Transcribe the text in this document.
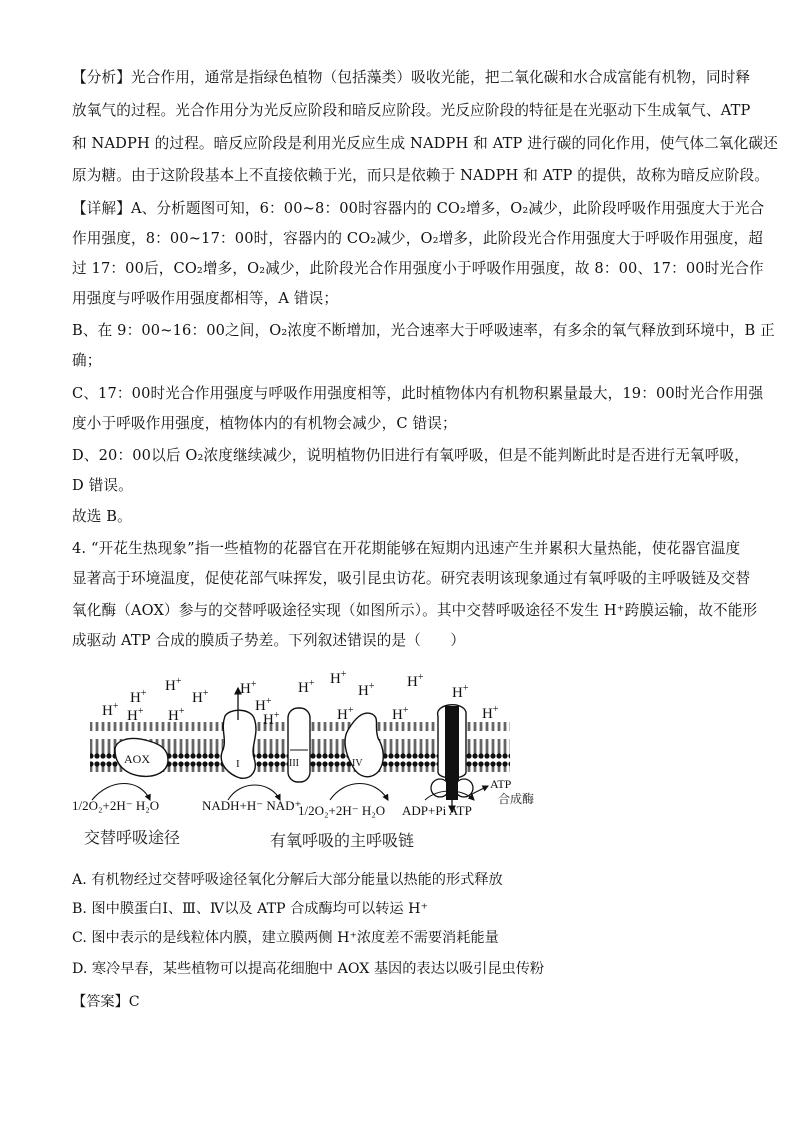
【分析】光合作用，通常是指绿色植物（包括藻类）吸收光能，把二氧化碳和水合成富能有机物，同时释
放氧气的过程。光合作用分为光反应阶段和暗反应阶段。光反应阶段的特征是在光驱动下生成氧气、ATP
和 NADPH 的过程。暗反应阶段是利用光反应生成 NADPH 和 ATP 进行碳的同化作用，使气体二氧化碳还
原为糖。由于这阶段基本上不直接依赖于光，而只是依赖于 NADPH 和 ATP 的提供，故称为暗反应阶段。
【详解】A、分析题图可知，6：00~8：00时容器内的 CO₂增多，O₂减少，此阶段呼吸作用强度大于光合
作用强度，8：00~17：00时，容器内的 CO₂减少，O₂增多，此阶段光合作用强度大于呼吸作用强度，超
过 17：00后，CO₂增多，O₂减少，此阶段光合作用强度小于呼吸作用强度，故 8：00、17：00时光合作
用强度与呼吸作用强度都相等，A 错误；
B、在 9：00~16：00之间，O₂浓度不断增加，光合速率大于呼吸速率，有多余的氧气释放到环境中，B 正
确；
C、17：00时光合作用强度与呼吸作用强度相等，此时植物体内有机物积累量最大，19：00时光合作用强
度小于呼吸作用强度，植物体内的有机物会减少，C 错误；
D、20：00以后 O₂浓度继续减少，说明植物仍旧进行有氧呼吸，但是不能判断此时是否进行无氧呼吸，
D 错误。
故选 B。
4. “开花生热现象”指一些植物的花器官在开花期能够在短期内迅速产生并累积大量热能，使花器官温度
显著高于环境温度，促使花部气味挥发，吸引昆虫访花。研究表明该现象通过有氧呼吸的主呼吸链及交替
氧化酶（AOX）参与的交替呼吸途径实现（如图所示）。其中交替呼吸途径不发生 H⁺跨膜运输，故不能形
成驱动 ATP 合成的膜质子势差。下列叙述错误的是（　　）
H+
H+
H+
H+
H+
H+
H+
H+
H+
H+ H+
H+
H+	H+
H+
H+
H+
AOX	I	III	IV
ATP
合成酶
1/2O₂+2H⁻ H₂O	NADH+H⁻ NAD⁺
1/2O₂+2H⁻ H₂O ADP+Pi ATP
交替呼吸途径	有氧呼吸的主呼吸链
A. 有机物经过交替呼吸途径氧化分解后大部分能量以热能的形式释放
B. 图中膜蛋白Ⅰ、Ⅲ、Ⅳ以及 ATP 合成酶均可以转运 H⁺
C. 图中表示的是线粒体内膜，建立膜两侧 H⁺浓度差不需要消耗能量
D. 寒冷早春，某些植物可以提高花细胞中 AOX 基因的表达以吸引昆虫传粉
【答案】C
